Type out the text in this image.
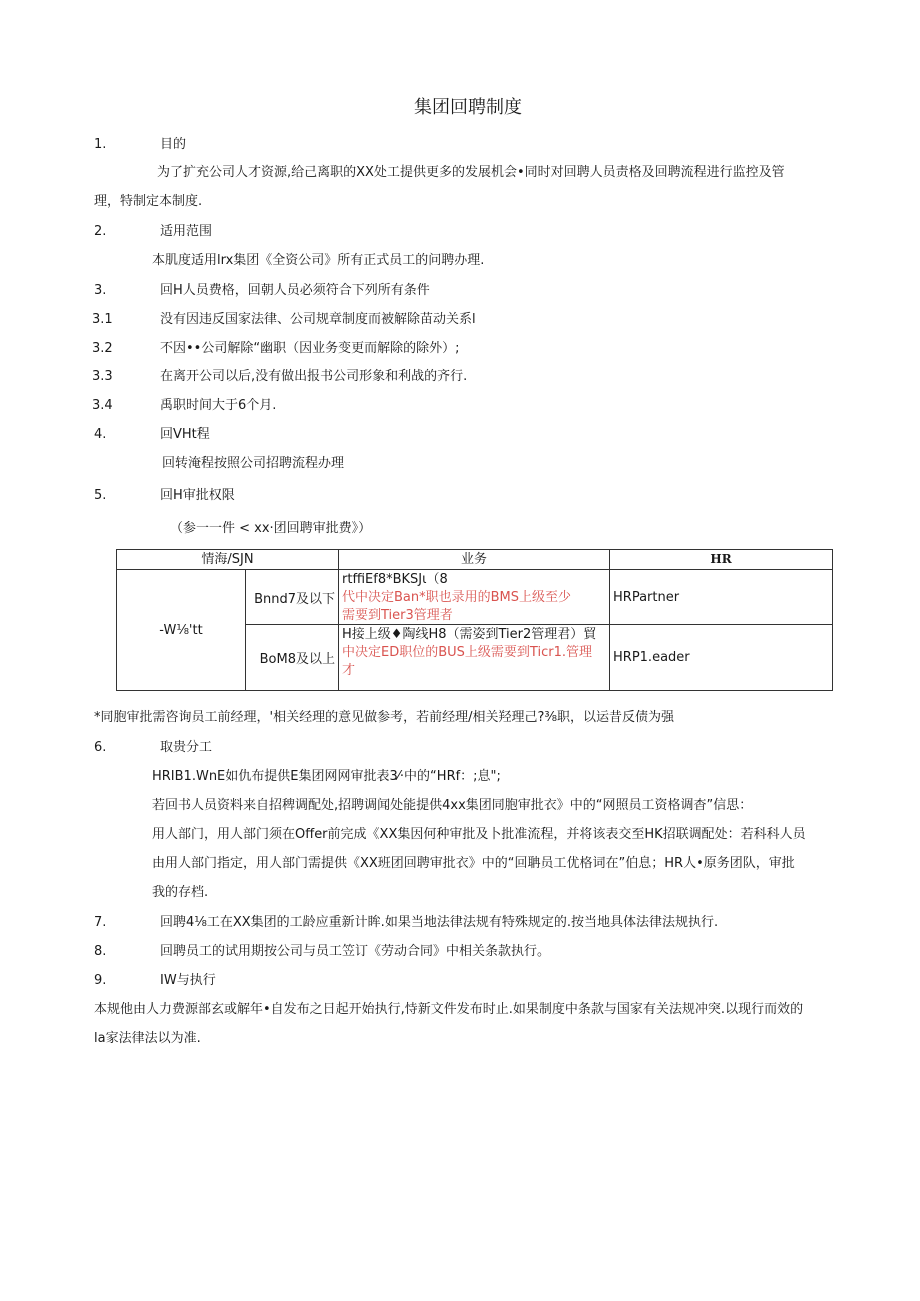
集团回聘制度
1.	目的
为了扩充公司人才资源,给己离职的XX处工提供更多的发展机会•同时对回聘人员责格及回聘流程进行监控及管
理，特制定本制度.
2.	适用范围
本肌度适用lrx集团《全资公司》所有正式员工的问聘办理.
3.	回H人员费格，回朝人员必须符合下列所有条件
3.1	没有因违反国家法律、公司规章制度而被解除苗动关系l
3.2	不因••公司解除“幽职（因业务变更而解除的除外）;
3.3	在离开公司以后,没有做出报书公司形象和利战的齐行.
3.4	禹职时间大于6个月.
4.	回VHt程
回转淹程按照公司招聘流程办理
5.	回H审批权限
（参一一件 < xx·团回聘审批费》）
情海/SJN		业务	HR
-W⅛'tt	Bnnd7及以下	rtffiEf8*BKSJι（8
代中决定Ban*职也录用的BMS上级至少
需要到Tier3管理者	HRPartner
	BoM8及以上	H接上级♦陶线H8（需姿到Tier2管理君）貿
中决定ED职位的BUS上级需要到Ticr1.管理
才	HRP1.eader
*同胞审批需咨询员工前经理，'相关经理的意见做参考，若前经理/相关羟理己?⅜职，以运昔反债为强
6.	取贵分工
HRIB1.WnE如仇布提供E集团网网审批表3⁄·中的“HRf：;息";
若回书人员资料来自招稗调配处,招聘调闻处能提供4xx集团同胞审批衣》中的“网照员工资格调杳”信思：
用人部门，用人部门须在Offer前完成《XX集因何种审批及卜批准流程，并将该表交至HK招联调配处：若科科人员
由用人部门指定，用人部门需提供《XX班团回聘审批衣》中的“回聃员工优格词在”伯息；HR人•原务团队，审批
我的存档.
7.	回聘4⅛工在XX集团的工龄应重新计眸.如果当地法律法规有特殊规定的.按当地具体法律法规执行.
8.	回聘员工的试用期按公司与员工笠订《劳动合同》中相关条款执行。
9.	IW与执行
本规他由人力费源部玄或解年•自发布之日起开始执行,恃新文件发布时止.如果制度中条款与国家有关法规冲突.以现行而效的
la家法律法以为准.
